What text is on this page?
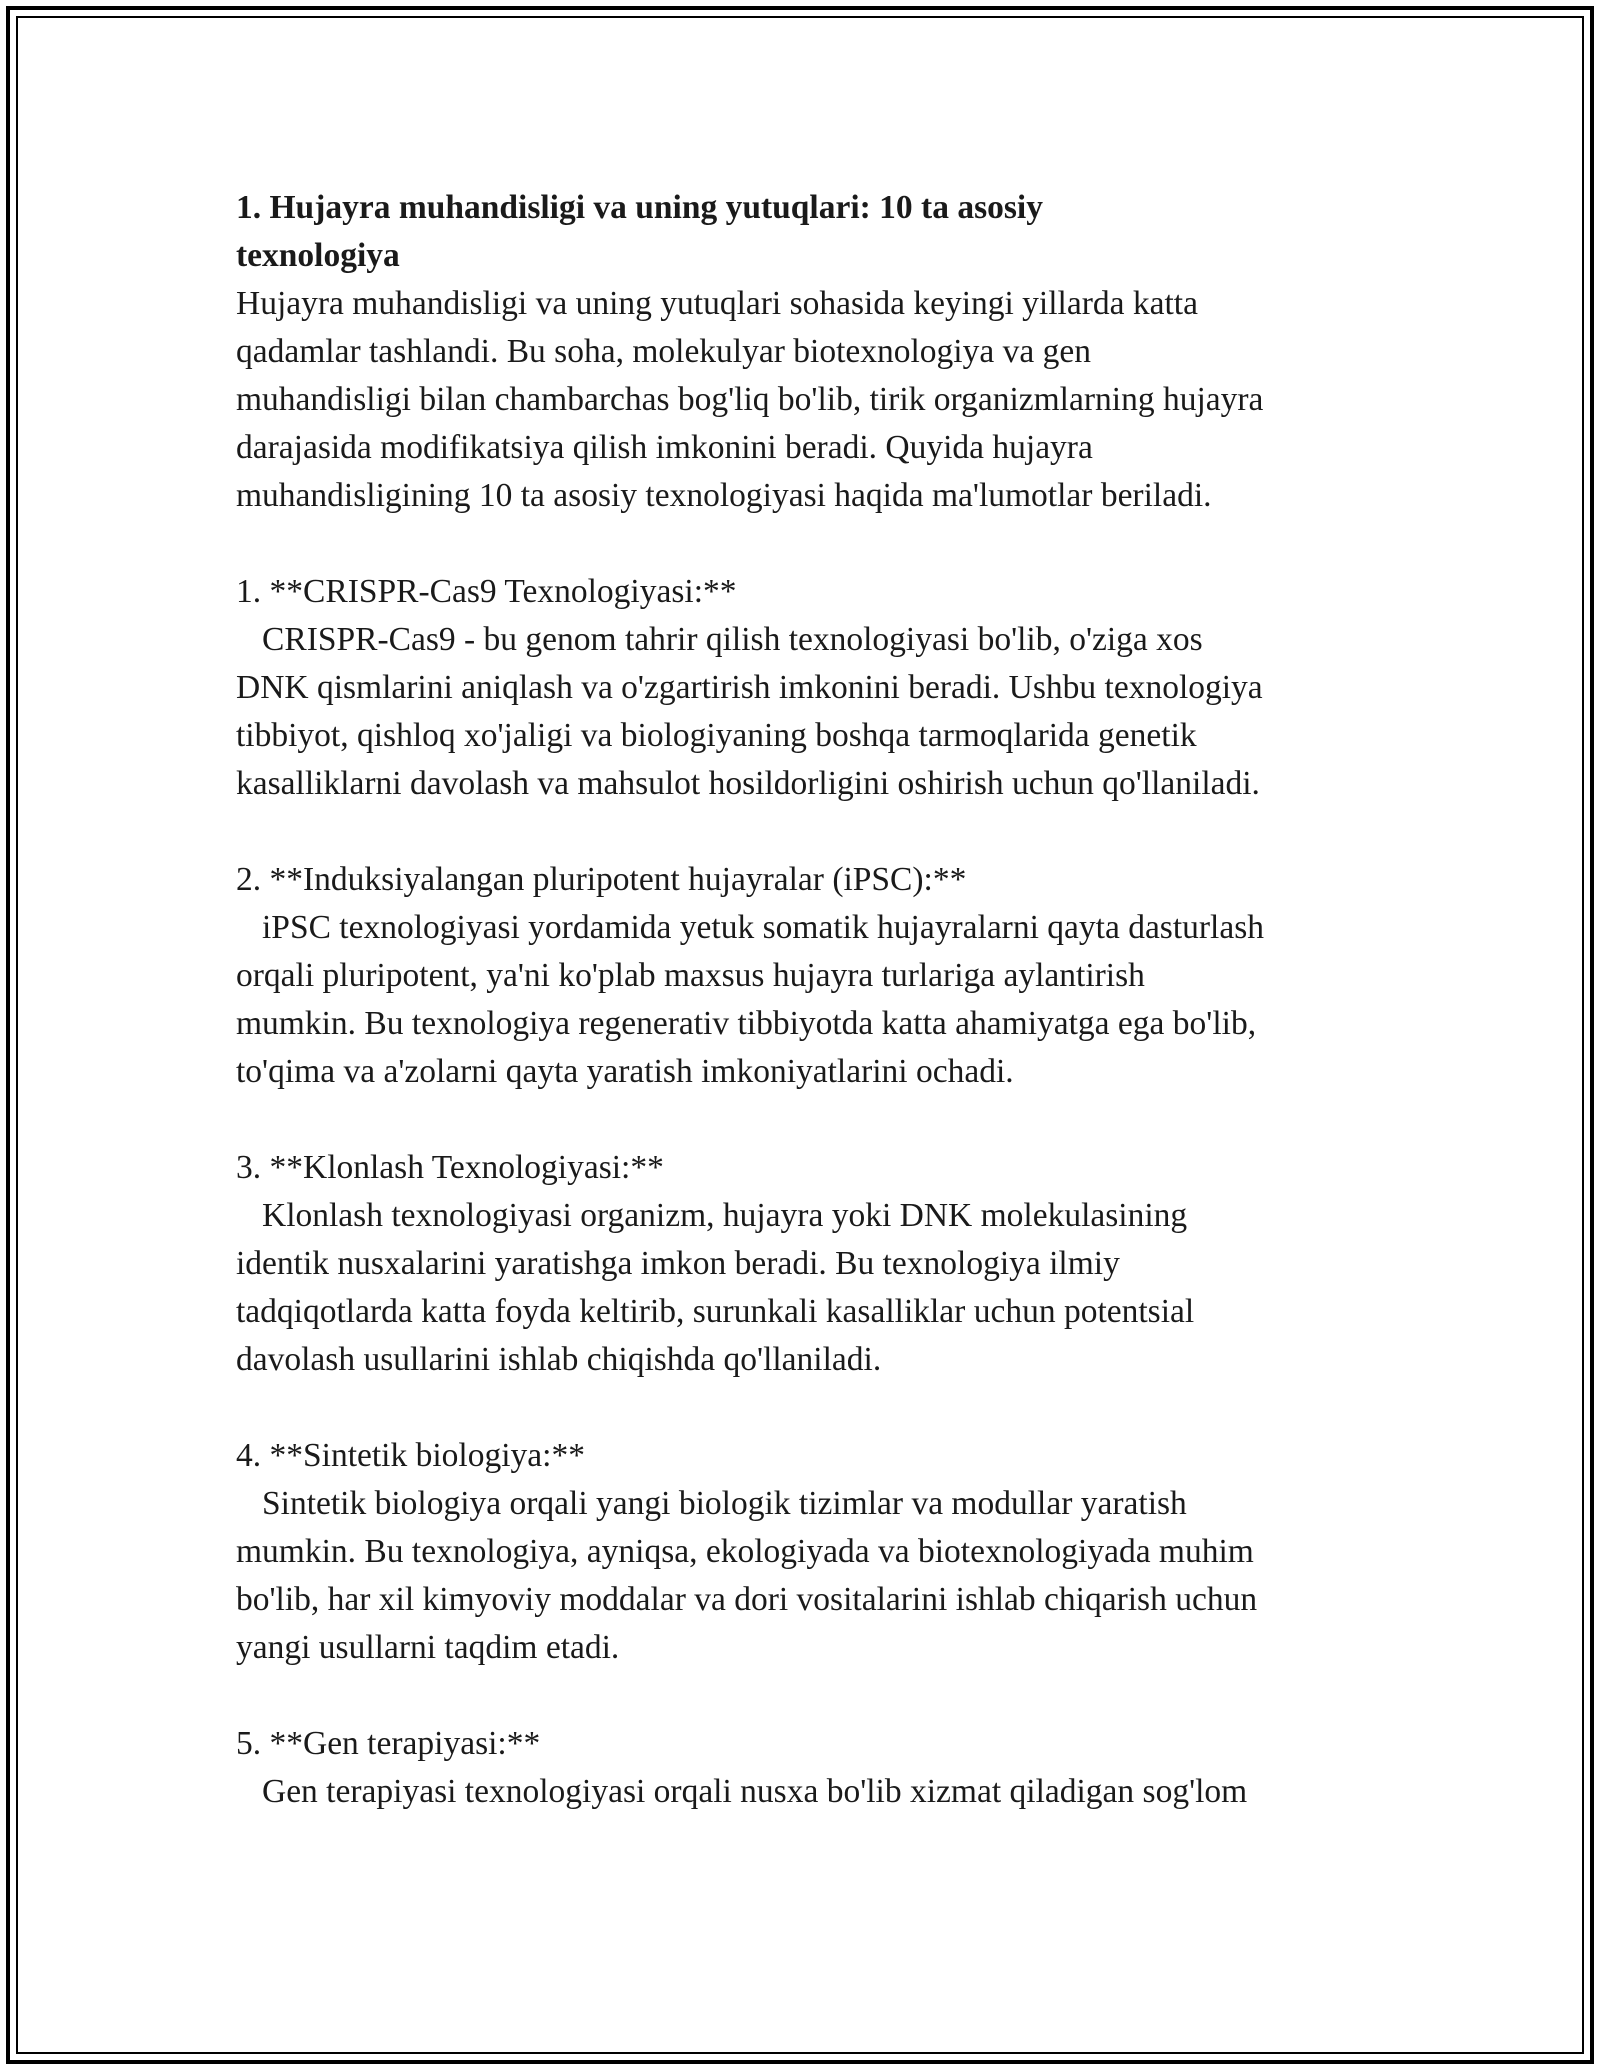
1. Hujayra muhandisligi va uning yutuqlari: 10 ta asosiy
texnologiya

Hujayra muhandisligi va uning yutuqlari sohasida keyingi yillarda katta
qadamlar tashlandi. Bu soha, molekulyar biotexnologiya va gen
muhandisligi bilan chambarchas bog'liq bo'lib, tirik organizmlarning hujayra
darajasida modifikatsiya qilish imkonini beradi. Quyida hujayra
muhandisligining 10 ta asosiy texnologiyasi haqida ma'lumotlar beriladi.

1. **CRISPR-Cas9 Texnologiyasi:**
CRISPR-Cas9 - bu genom tahrir qilish texnologiyasi bo'lib, o'ziga xos
DNK qismlarini aniqlash va o'zgartirish imkonini beradi. Ushbu texnologiya
tibbiyot, qishloq xo'jaligi va biologiyaning boshqa tarmoqlarida genetik
kasalliklarni davolash va mahsulot hosildorligini oshirish uchun qo'llaniladi.
2. **Induksiyalangan pluripotent hujayralar (iPSC):**
iPSC texnologiyasi yordamida yetuk somatik hujayralarni qayta dasturlash
orqali pluripotent, ya'ni ko'plab maxsus hujayra turlariga aylantirish
mumkin. Bu texnologiya regenerativ tibbiyotda katta ahamiyatga ega bo'lib,
to'qima va a'zolarni qayta yaratish imkoniyatlarini ochadi.
3. **Klonlash Texnologiyasi:**
Klonlash texnologiyasi organizm, hujayra yoki DNK molekulasining
identik nusxalarini yaratishga imkon beradi. Bu texnologiya ilmiy
tadqiqotlarda katta foyda keltirib, surunkali kasalliklar uchun potentsial
davolash usullarini ishlab chiqishda qo'llaniladi.
4. **Sintetik biologiya:**
Sintetik biologiya orqali yangi biologik tizimlar va modullar yaratish
mumkin. Bu texnologiya, ayniqsa, ekologiyada va biotexnologiyada muhim
bo'lib, har xil kimyoviy moddalar va dori vositalarini ishlab chiqarish uchun
yangi usullarni taqdim etadi.
5. **Gen terapiyasi:**
Gen terapiyasi texnologiyasi orqali nusxa bo'lib xizmat qiladigan sog'lom
